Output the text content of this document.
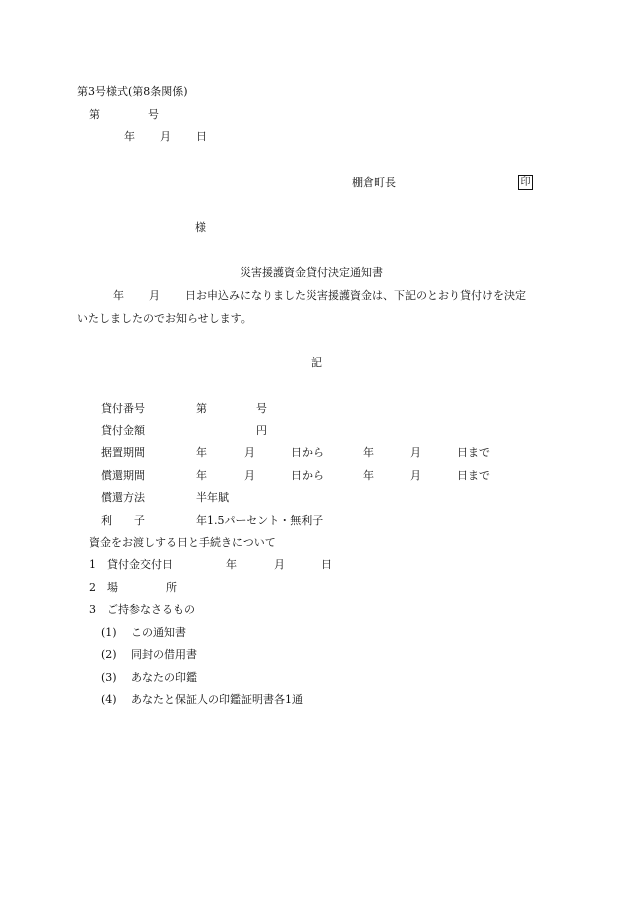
第3号様式(第8条関係)
第	号
年 月 日
棚倉町長	印
様
災害援護資金貸付決定通知書
年 月 日お申込みになりました災害援護資金は、下記のとおり貸付けを決定
いたしましたのでお知らせします。
記
貸付番号	第	号
貸付金額	円
据置期間	年	月	日から	年	月	日まで
償還期間	年	月	日から	年	月	日まで
償還方法	半年賦
利　　子	年1.5パーセント・無利子
資金をお渡しする日と手続きについて
1 貸付金交付日	年	月	日
2 場	所
3 ご持参なさるもの
(1) この通知書
(2) 同封の借用書
(3) あなたの印鑑
(4) あなたと保証人の印鑑証明書各1通
